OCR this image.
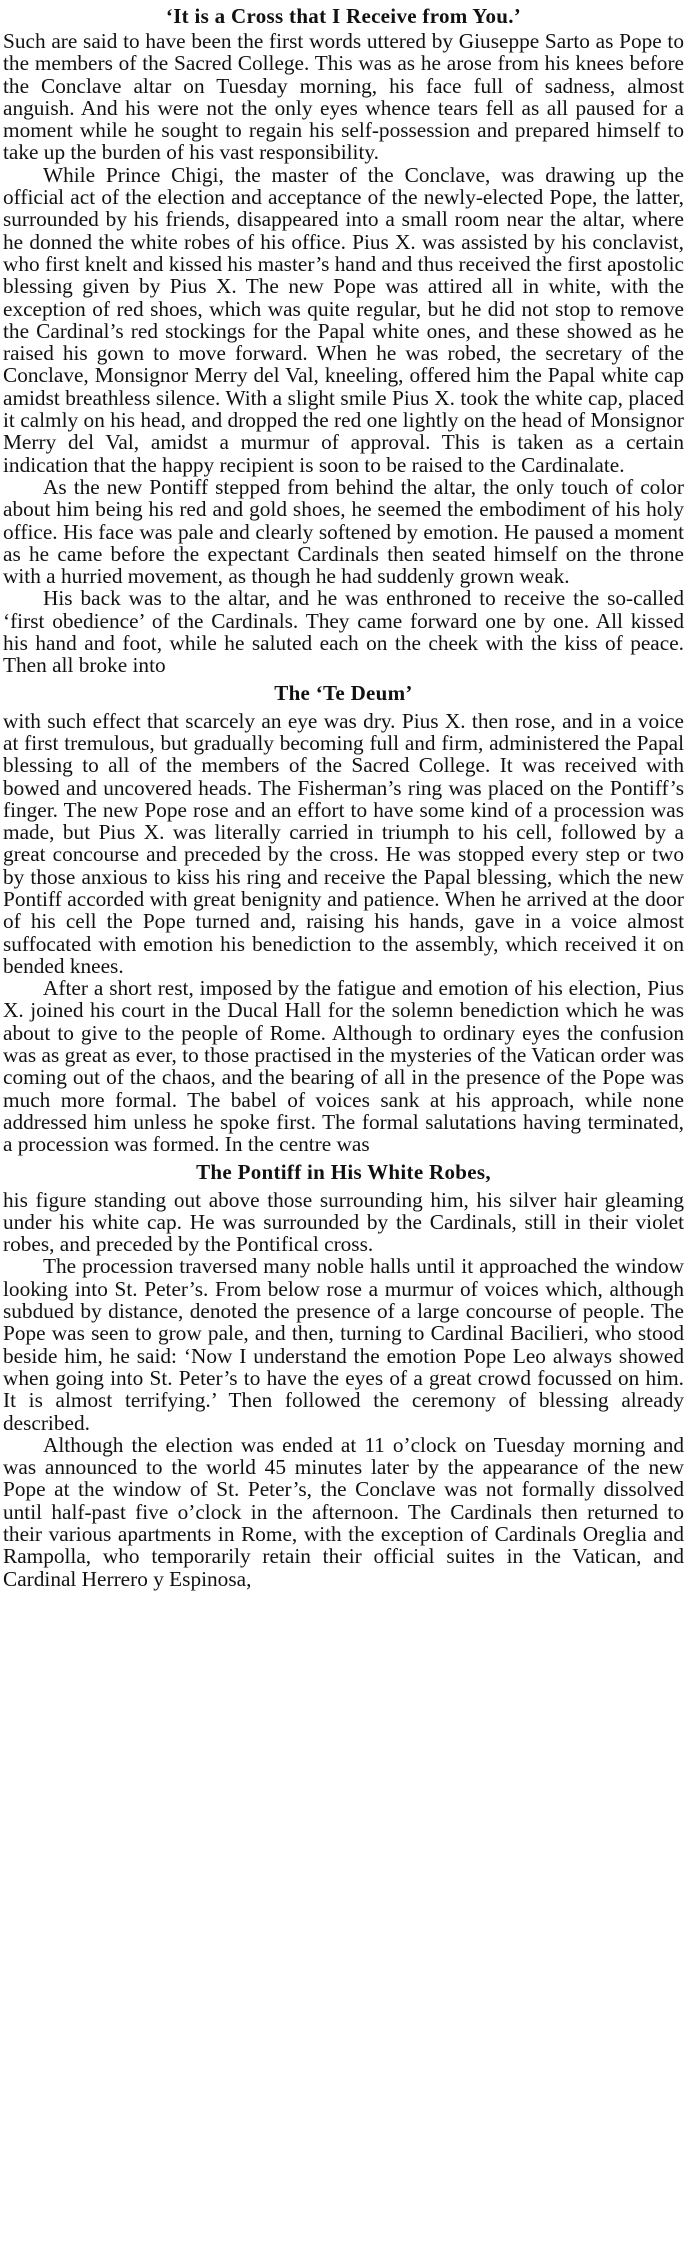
‘It is a Cross that I Receive from You.’

Such are said to have been the first words uttered by Giuseppe Sarto as Pope to the members of the Sacred College. This was as he arose from his knees before the Conclave altar on Tuesday morning, his face full of sadness, almost anguish. And his were not the only eyes whence tears fell as all paused for a moment while he sought to regain his self-possession and prepared himself to take up the burden of his vast responsibility.

While Prince Chigi, the master of the Conclave, was drawing up the official act of the election and acceptance of the newly-elected Pope, the latter, surrounded by his friends, disappeared into a small room near the altar, where he donned the white robes of his office. Pius X. was assisted by his conclavist, who first knelt and kissed his master’s hand and thus received the first apostolic blessing given by Pius X. The new Pope was attired all in white, with the exception of red shoes, which was quite regular, but he did not stop to remove the Cardinal’s red stockings for the Papal white ones, and these showed as he raised his gown to move forward. When he was robed, the secretary of the Conclave, Monsignor Merry del Val, kneeling, offered him the Papal white cap amidst breathless silence. With a slight smile Pius X. took the white cap, placed it calmly on his head, and dropped the red one lightly on the head of Monsignor Merry del Val, amidst a murmur of approval. This is taken as a certain indication that the happy recipient is soon to be raised to the Cardinalate.

As the new Pontiff stepped from behind the altar, the only touch of color about him being his red and gold shoes, he seemed the embodiment of his holy office. His face was pale and clearly softened by emotion. He paused a moment as he came before the expectant Cardinals then seated himself on the throne with a hurried movement, as though he had suddenly grown weak.

His back was to the altar, and he was enthroned to receive the so-called ‘first obedience’ of the Cardinals. They came forward one by one. All kissed his hand and foot, while he saluted each on the cheek with the kiss of peace. Then all broke into

The ‘Te Deum’

with such effect that scarcely an eye was dry. Pius X. then rose, and in a voice at first tremulous, but gradually becoming full and firm, administered the Papal blessing to all of the members of the Sacred College. It was received with bowed and uncovered heads. The Fisherman’s ring was placed on the Pontiff’s finger. The new Pope rose and an effort to have some kind of a procession was made, but Pius X. was literally carried in triumph to his cell, followed by a great concourse and preceded by the cross. He was stopped every step or two by those anxious to kiss his ring and receive the Papal blessing, which the new Pontiff accorded with great benignity and patience. When he arrived at the door of his cell the Pope turned and, raising his hands, gave in a voice almost suffocated with emotion his benediction to the assembly, which received it on bended knees.

After a short rest, imposed by the fatigue and emotion of his election, Pius X. joined his court in the Ducal Hall for the solemn benediction which he was about to give to the people of Rome. Although to ordinary eyes the confusion was as great as ever, to those practised in the mysteries of the Vatican order was coming out of the chaos, and the bearing of all in the presence of the Pope was much more formal. The babel of voices sank at his approach, while none addressed him unless he spoke first. The formal salutations having terminated, a procession was formed. In the centre was

The Pontiff in His White Robes,

his figure standing out above those surrounding him, his silver hair gleaming under his white cap. He was surrounded by the Cardinals, still in their violet robes, and preceded by the Pontifical cross.

The procession traversed many noble halls until it approached the window looking into St. Peter’s. From below rose a murmur of voices which, although subdued by distance, denoted the presence of a large concourse of people. The Pope was seen to grow pale, and then, turning to Cardinal Bacilieri, who stood beside him, he said: ‘Now I understand the emotion Pope Leo always showed when going into St. Peter’s to have the eyes of a great crowd focussed on him. It is almost terrifying.’ Then followed the ceremony of blessing already described.

Although the election was ended at 11 o’clock on Tuesday morning and was announced to the world 45 minutes later by the appearance of the new Pope at the window of St. Peter’s, the Conclave was not formally dissolved until half-past five o’clock in the afternoon. The Cardinals then returned to their various apartments in Rome, with the exception of Cardinals Oreglia and Rampolla, who temporarily retain their official suites in the Vatican, and Cardinal Herrero y Espinosa,
